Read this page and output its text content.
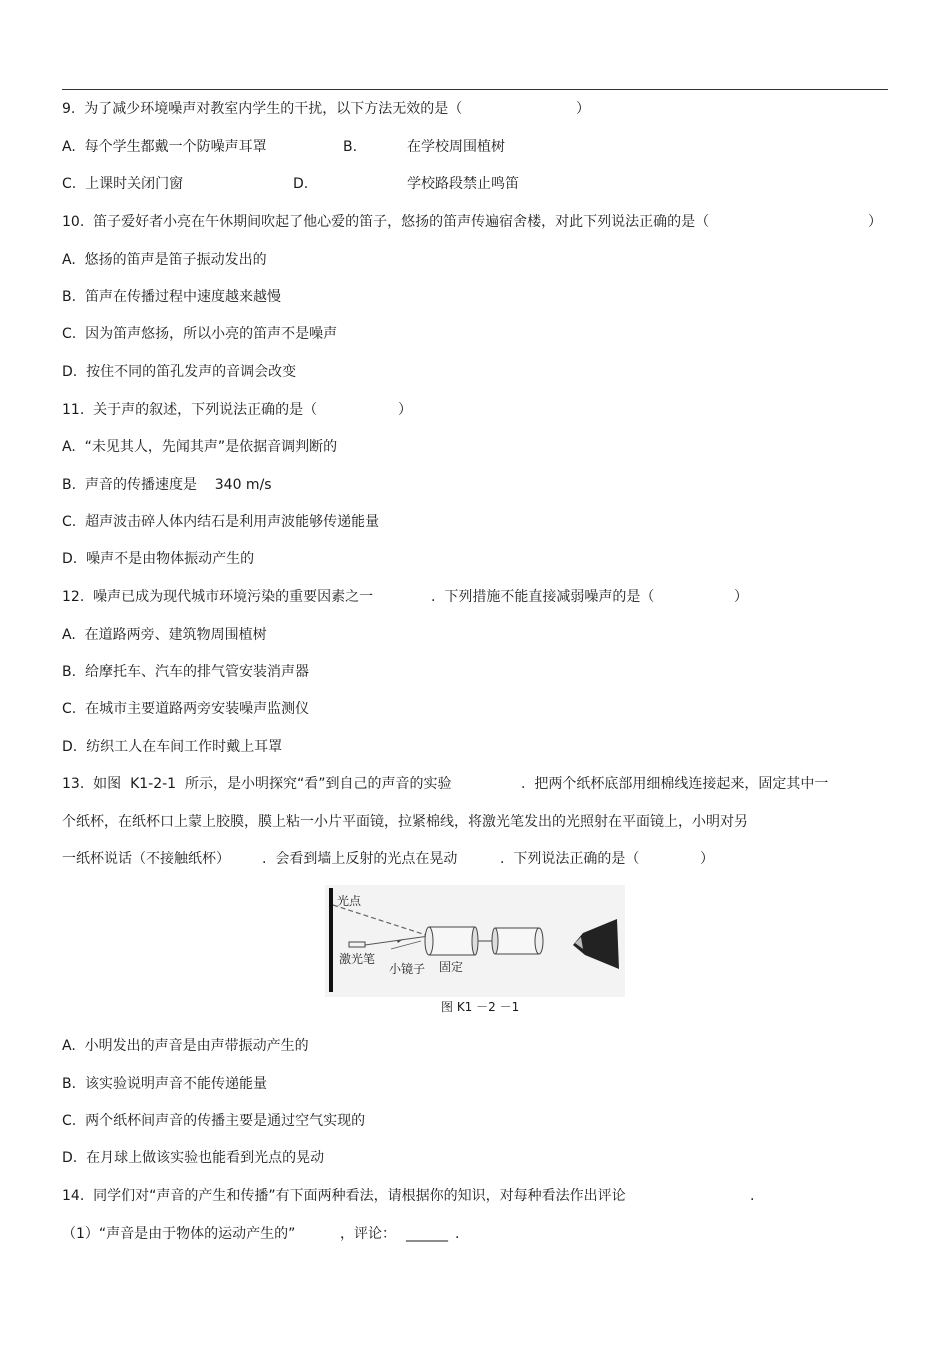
9.  为了减少环境噪声对教室内学生的干扰，以下方法无效的是（	）
A.  每个学生都戴一个防噪声耳罩	B.	在学校周围植树
C.  上课时关闭门窗	D.	学校路段禁止鸣笛
10.  笛子爱好者小亮在午休期间吹起了他心爱的笛子，悠扬的笛声传遍宿舍楼，对此下列说法正确的是（	）
A.  悠扬的笛声是笛子振动发出的
B.  笛声在传播过程中速度越来越慢
C.  因为笛声悠扬，所以小亮的笛声不是噪声
D.  按住不同的笛孔发声的音调会改变
11.  关于声的叙述，下列说法正确的是（	）
A.  “未见其人，先闻其声”是依据音调判断的
B.  声音的传播速度是    340 m/s
C.  超声波击碎人体内结石是利用声波能够传递能量
D.  噪声不是由物体振动产生的
12.  噪声已成为现代城市环境污染的重要因素之一	.  下列措施不能直接减弱噪声的是（	）
A.  在道路两旁、建筑物周围植树
B.  给摩托车、汽车的排气管安装消声器
C.  在城市主要道路两旁安装噪声监测仪
D.  纺织工人在车间工作时戴上耳罩
13.  如图  K1-2-1  所示，是小明探究“看”到自己的声音的实验	.  把两个纸杯底部用细棉线连接起来，固定其中一
个纸杯，在纸杯口上蒙上胶膜，膜上粘一小片平面镜，拉紧棉线，将激光笔发出的光照射在平面镜上，小明对另
一纸杯说话（不接触纸杯） .  会看到墙上反射的光点在晃动	.  下列说法正确的是（	）
光点
激光笔
小镜子 固定
图 K1 －2 －1
A.  小明发出的声音是由声带振动产生的
B.  该实验说明声音不能传递能量
C.  两个纸杯间声音的传播主要是通过空气实现的
D.  在月球上做该实验也能看到光点的晃动
14.  同学们对“声音的产生和传播”有下面两种看法，请根据你的知识，对每种看法作出评论	.
（1）“声音是由于物体的运动产生的”	，评论： ______ .
